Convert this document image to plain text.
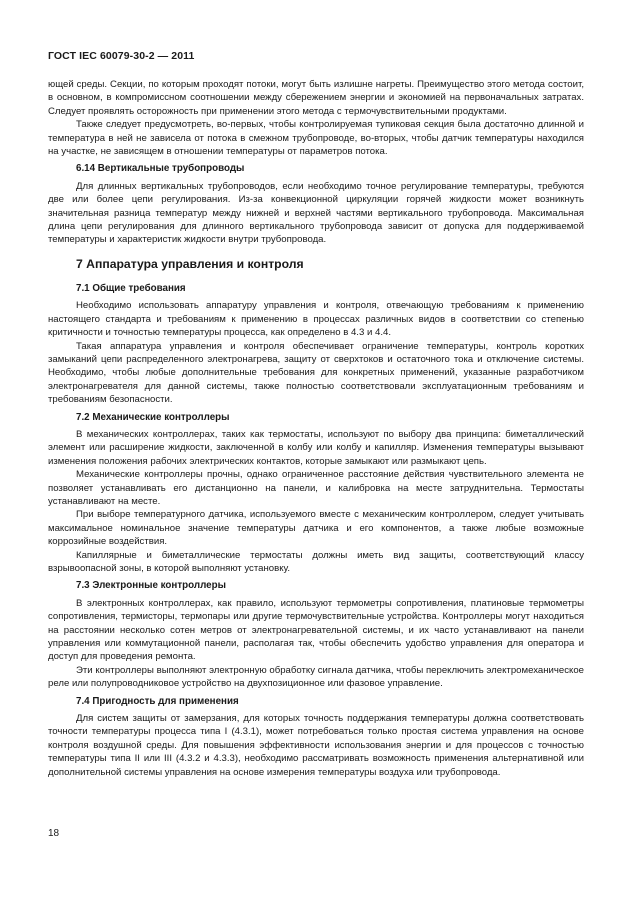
ГОСТ IEC 60079-30-2 — 2011

ющей среды. Секции, по которым проходят потоки, могут быть излишне нагреты. Преимущество этого метода состоит, в основном, в компромиссном соотношении между сбережением энергии и экономией на первоначальных затратах. Следует проявлять осторожность при применении этого метода с термочувствительными продуктами.

Также следует предусмотреть, во-первых, чтобы контролируемая тупиковая секция была достаточно длинной и температура в ней не зависела от потока в смежном трубопроводе, во-вторых, чтобы датчик температуры находился на участке, не зависящем в отношении температуры от параметров потока.

6.14 Вертикальные трубопроводы

Для длинных вертикальных трубопроводов, если необходимо точное регулирование температуры, требуются две или более цепи регулирования. Из-за конвекционной циркуляции горячей жидкости может возникнуть значительная разница температур между нижней и верхней частями вертикального трубопровода. Максимальная длина цепи регулирования для длинного вертикального трубопровода зависит от допуска для поддерживаемой температуры и характеристик жидкости внутри трубопровода.

7 Аппаратура управления и контроля
7.1 Общие требования

Необходимо использовать аппаратуру управления и контроля, отвечающую требованиям к применению настоящего стандарта и требованиям к применению в процессах различных видов в соответствии со степенью критичности и точностью температуры процесса, как определено в 4.3 и 4.4.

Такая аппаратура управления и контроля обеспечивает ограничение температуры, контроль коротких замыканий цепи распределенного электронагрева, защиту от сверхтоков и остаточного тока и отключение системы. Необходимо, чтобы любые дополнительные требования для конкретных применений, указанные разработчиком электронагревателя для данной системы, также полностью соответствовали эксплуатационным требованиям и требованиям безопасности.

7.2 Механические контроллеры

В механических контроллерах, таких как термостаты, используют по выбору два принципа: биметаллический элемент или расширение жидкости, заключенной в колбу или колбу и капилляр. Изменения температуры вызывают изменения положения рабочих электрических контактов, которые замыкают или размыкают цепь.

Механические контроллеры прочны, однако ограниченное расстояние действия чувствительного элемента не позволяет устанавливать его дистанционно на панели, и калибровка на месте затруднительна. Термостаты устанавливают на месте.

При выборе температурного датчика, используемого вместе с механическим контроллером, следует учитывать максимальное номинальное значение температуры датчика и его компонентов, а также любые возможные коррозийные воздействия.

Капиллярные и биметаллические термостаты должны иметь вид защиты, соответствующий классу взрывоопасной зоны, в которой выполняют установку.

7.3 Электронные контроллеры

В электронных контроллерах, как правило, используют термометры сопротивления, платиновые термометры сопротивления, термисторы, термопары или другие термочувствительные устройства. Контроллеры могут находиться на расстоянии несколько сотен метров от электронагревательной системы, и их часто устанавливают на панели управления или коммутационной панели, располагая так, чтобы обеспечить удобство управления для оператора и доступ для проведения ремонта.

Эти контроллеры выполняют электронную обработку сигнала датчика, чтобы переключить электромеханическое реле или полупроводниковое устройство на двухпозиционное или фазовое управление.

7.4 Пригодность для применения

Для систем защиты от замерзания, для которых точность поддержания температуры должна соответствовать точности температуры процесса типа I (4.3.1), может потребоваться только простая система управления на основе контроля воздушной среды. Для повышения эффективности использования энергии и для процессов с точностью температуры типа II или III (4.3.2 и 4.3.3), необходимо рассматривать возможность применения альтернативной или дополнительной системы управления на основе измерения температуры воздуха или трубопровода.

18
